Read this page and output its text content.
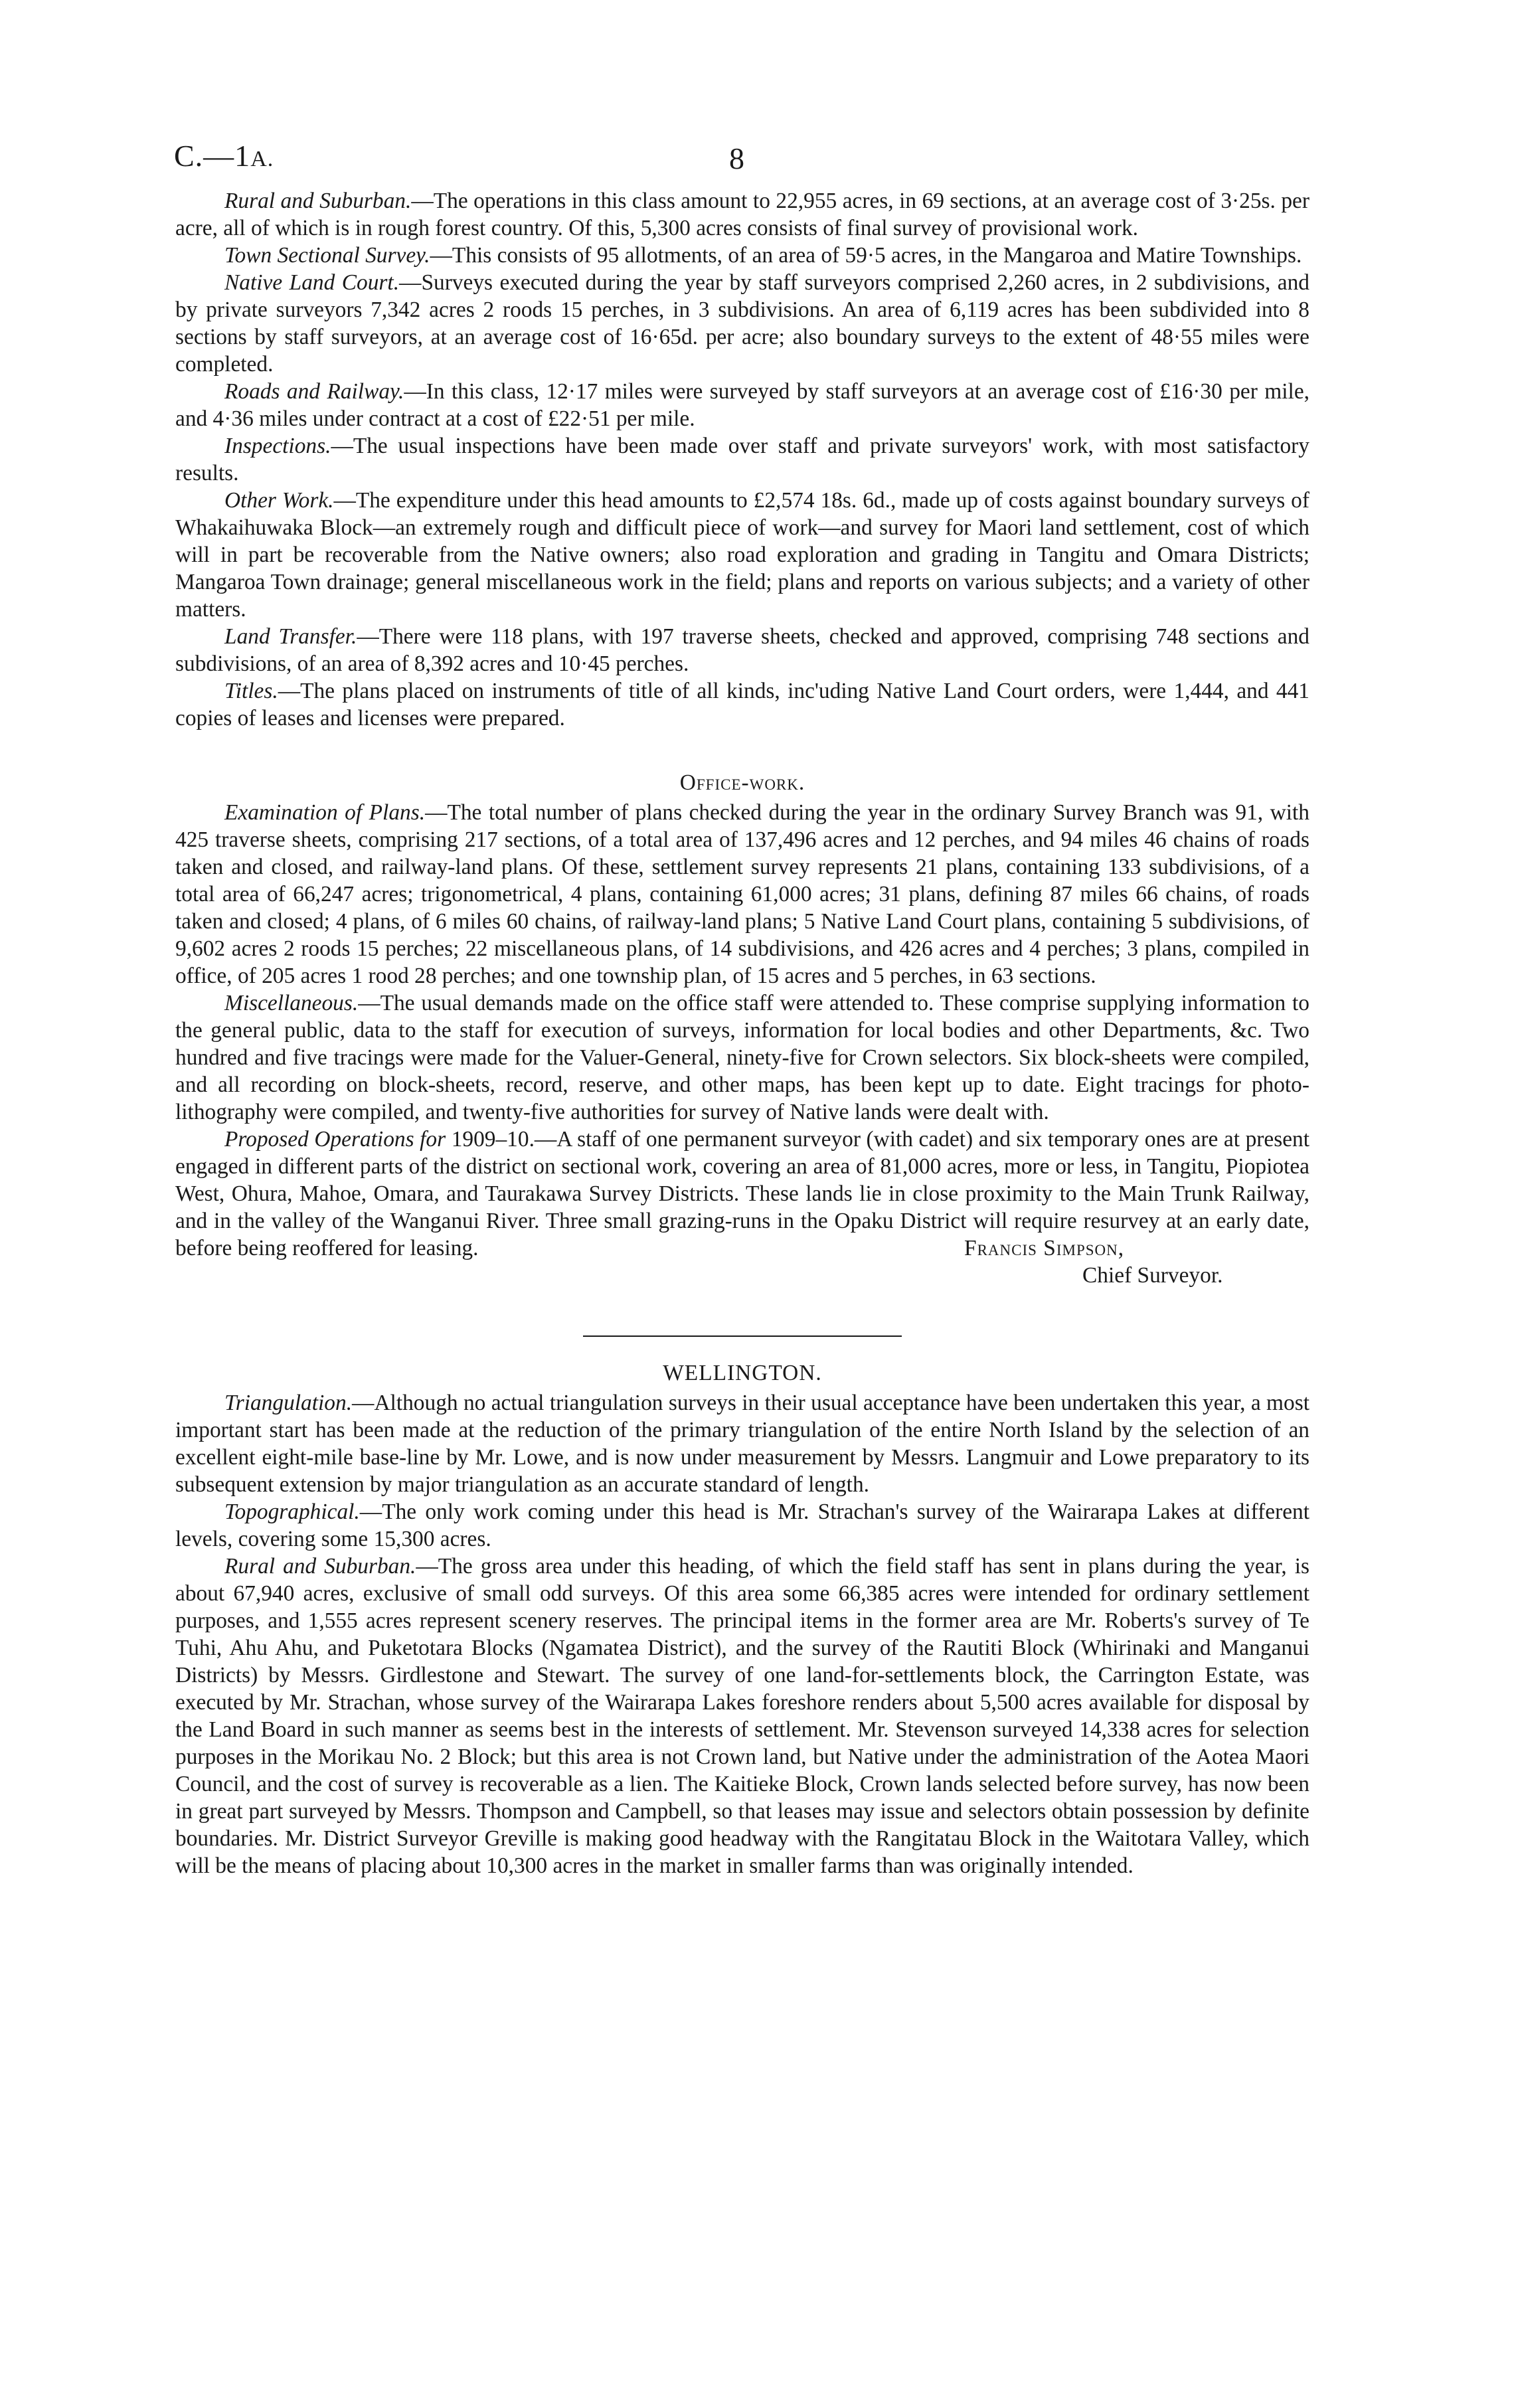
C.—1A.	8

Rural and Suburban.—The operations in this class amount to 22,955 acres, in 69 sections, at an average cost of 3·25s. per acre, all of which is in rough forest country. Of this, 5,300 acres consists of final survey of provisional work.

Town Sectional Survey.—This consists of 95 allotments, of an area of 59·5 acres, in the Mangaroa and Matire Townships.

Native Land Court.—Surveys executed during the year by staff surveyors comprised 2,260 acres, in 2 subdivisions, and by private surveyors 7,342 acres 2 roods 15 perches, in 3 subdivisions. An area of 6,119 acres has been subdivided into 8 sections by staff surveyors, at an average cost of 16·65d. per acre; also boundary surveys to the extent of 48·55 miles were completed.

Roads and Railway.—In this class, 12·17 miles were surveyed by staff surveyors at an average cost of £16·30 per mile, and 4·36 miles under contract at a cost of £22·51 per mile.

Inspections.—The usual inspections have been made over staff and private surveyors' work, with most satisfactory results.

Other Work.—The expenditure under this head amounts to £2,574 18s. 6d., made up of costs against boundary surveys of Whakaihuwaka Block—an extremely rough and difficult piece of work—and survey for Maori land settlement, cost of which will in part be recoverable from the Native owners; also road exploration and grading in Tangitu and Omara Districts; Mangaroa Town drainage; general miscellaneous work in the field; plans and reports on various subjects; and a variety of other matters.

Land Transfer.—There were 118 plans, with 197 traverse sheets, checked and approved, comprising 748 sections and subdivisions, of an area of 8,392 acres and 10·45 perches.

Titles.—The plans placed on instruments of title of all kinds, inc'uding Native Land Court orders, were 1,444, and 441 copies of leases and licenses were prepared.

Office-work.

Examination of Plans.—The total number of plans checked during the year in the ordinary Survey Branch was 91, with 425 traverse sheets, comprising 217 sections, of a total area of 137,496 acres and 12 perches, and 94 miles 46 chains of roads taken and closed, and railway-land plans. Of these, settlement survey represents 21 plans, containing 133 subdivisions, of a total area of 66,247 acres; trigonometrical, 4 plans, containing 61,000 acres; 31 plans, defining 87 miles 66 chains, of roads taken and closed; 4 plans, of 6 miles 60 chains, of railway-land plans; 5 Native Land Court plans, containing 5 subdivisions, of 9,602 acres 2 roods 15 perches; 22 miscellaneous plans, of 14 subdivisions, and 426 acres and 4 perches; 3 plans, compiled in office, of 205 acres 1 rood 28 perches; and one township plan, of 15 acres and 5 perches, in 63 sections.

Miscellaneous.—The usual demands made on the office staff were attended to. These comprise supplying information to the general public, data to the staff for execution of surveys, information for local bodies and other Departments, &c. Two hundred and five tracings were made for the Valuer-General, ninety-five for Crown selectors. Six block-sheets were compiled, and all recording on block-sheets, record, reserve, and other maps, has been kept up to date. Eight tracings for photo-lithography were compiled, and twenty-five authorities for survey of Native lands were dealt with.

Proposed Operations for 1909–10.—A staff of one permanent surveyor (with cadet) and six temporary ones are at present engaged in different parts of the district on sectional work, covering an area of 81,000 acres, more or less, in Tangitu, Piopiotea West, Ohura, Mahoe, Omara, and Taurakawa Survey Districts. These lands lie in close proximity to the Main Trunk Railway, and in the valley of the Wanganui River. Three small grazing-runs in the Opaku District will require resurvey at an early date, before being reoffered for leasing.	Francis Simpson,
Chief Surveyor.

WELLINGTON.

Triangulation.—Although no actual triangulation surveys in their usual acceptance have been undertaken this year, a most important start has been made at the reduction of the primary triangulation of the entire North Island by the selection of an excellent eight-mile base-line by Mr. Lowe, and is now under measurement by Messrs. Langmuir and Lowe preparatory to its subsequent extension by major triangulation as an accurate standard of length.

Topographical.—The only work coming under this head is Mr. Strachan's survey of the Wairarapa Lakes at different levels, covering some 15,300 acres.

Rural and Suburban.—The gross area under this heading, of which the field staff has sent in plans during the year, is about 67,940 acres, exclusive of small odd surveys. Of this area some 66,385 acres were intended for ordinary settlement purposes, and 1,555 acres represent scenery reserves. The principal items in the former area are Mr. Roberts's survey of Te Tuhi, Ahu Ahu, and Puketotara Blocks (Ngamatea District), and the survey of the Rautiti Block (Whirinaki and Manganui Districts) by Messrs. Girdlestone and Stewart. The survey of one land-for-settlements block, the Carrington Estate, was executed by Mr. Strachan, whose survey of the Wairarapa Lakes foreshore renders about 5,500 acres available for disposal by the Land Board in such manner as seems best in the interests of settlement. Mr. Stevenson surveyed 14,338 acres for selection purposes in the Morikau No. 2 Block; but this area is not Crown land, but Native under the administration of the Aotea Maori Council, and the cost of survey is recoverable as a lien. The Kaitieke Block, Crown lands selected before survey, has now been in great part surveyed by Messrs. Thompson and Campbell, so that leases may issue and selectors obtain possession by definite boundaries. Mr. District Surveyor Greville is making good headway with the Rangitatau Block in the Waitotara Valley, which will be the means of placing about 10,300 acres in the market in smaller farms than was originally intended.
